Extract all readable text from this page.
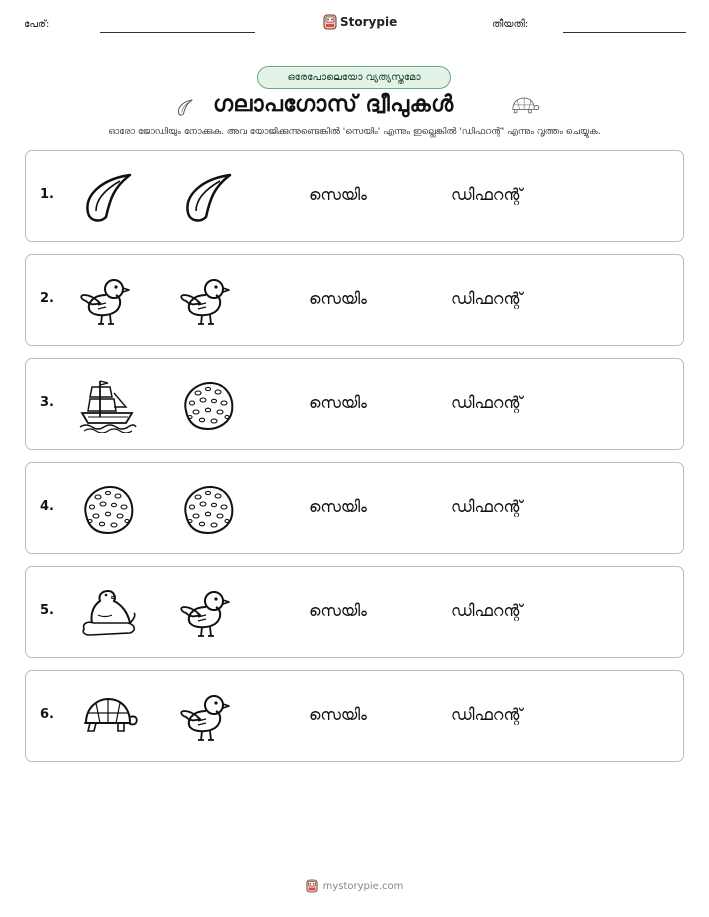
പേര്:	Storypie	തീയതി:
ഒരേപോലെയോ വ്യത്യസ്തമോ
ഗലാപഗോസ് ദ്വീപുകൾ
ഓരോ ജോഡിയും നോക്കുക. അവ യോജിക്കുന്നുണ്ടെങ്കിൽ 'സെയിം' എന്നും ഇല്ലെങ്കിൽ 'ഡിഫറന്റ്' എന്നും വൃത്തം ചെയ്യുക.
1.	സെയിം	ഡിഫറന്റ്
2.	സെയിം	ഡിഫറന്റ്
3.	സെയിം	ഡിഫറന്റ്
4.	സെയിം	ഡിഫറന്റ്
5.	സെയിം	ഡിഫറന്റ്
6.	സെയിം	ഡിഫറന്റ്
mystorypie.com
